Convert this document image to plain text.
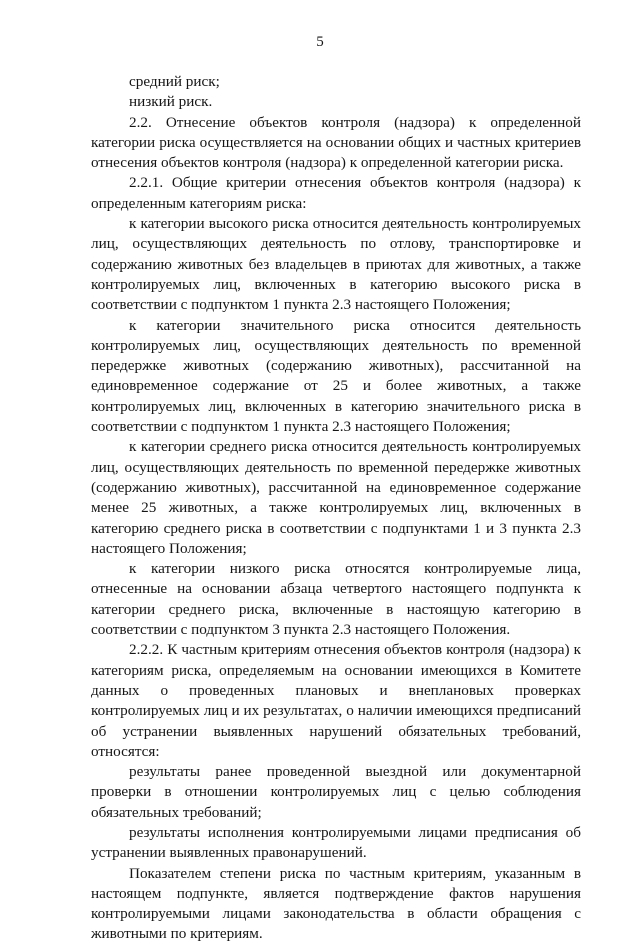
5

средний риск;

низкий риск.

2.2. Отнесение объектов контроля (надзора) к определенной категории риска осуществляется на основании общих и частных критериев отнесения объектов контроля (надзора) к определенной категории риска.

2.2.1. Общие критерии отнесения объектов контроля (надзора) к определенным категориям риска:

к категории высокого риска относится деятельность контролируемых лиц, осуществляющих деятельность по отлову, транспортировке и содержанию животных без владельцев в приютах для животных, а также контролируемых лиц, включенных в категорию высокого риска в соответствии с подпунктом 1 пункта 2.3 настоящего Положения;

к категории значительного риска относится деятельность контролируемых лиц, осуществляющих деятельность по временной передержке животных (содержанию животных), рассчитанной на единовременное содержание от 25 и более животных, а также контролируемых лиц, включенных в категорию значительного риска в соответствии с подпунктом 1 пункта 2.3 настоящего Положения;

к категории среднего риска относится деятельность контролируемых лиц, осуществляющих деятельность по временной передержке животных (содержанию животных), рассчитанной на единовременное содержание менее 25 животных, а также контролируемых лиц, включенных в категорию среднего риска в соответствии с подпунктами 1 и 3 пункта 2.3 настоящего Положения;

к категории низкого риска относятся контролируемые лица, отнесенные на основании абзаца четвертого настоящего подпункта к категории среднего риска, включенные в настоящую категорию в соответствии с подпунктом 3 пункта 2.3 настоящего Положения.

2.2.2. К частным критериям отнесения объектов контроля (надзора) к категориям риска, определяемым на основании имеющихся в Комитете данных о проведенных плановых и внеплановых проверках контролируемых лиц и их результатах, о наличии имеющихся предписаний об устранении выявленных нарушений обязательных требований, относятся:

результаты ранее проведенной выездной или документарной проверки в отношении контролируемых лиц с целью соблюдения обязательных требований;

результаты исполнения контролируемыми лицами предписания об устранении выявленных правонарушений.

Показателем степени риска по частным критериям, указанным в настоящем подпункте, является подтверждение фактов нарушения контролируемыми лицами законодательства в области обращения с животными по критериям.
